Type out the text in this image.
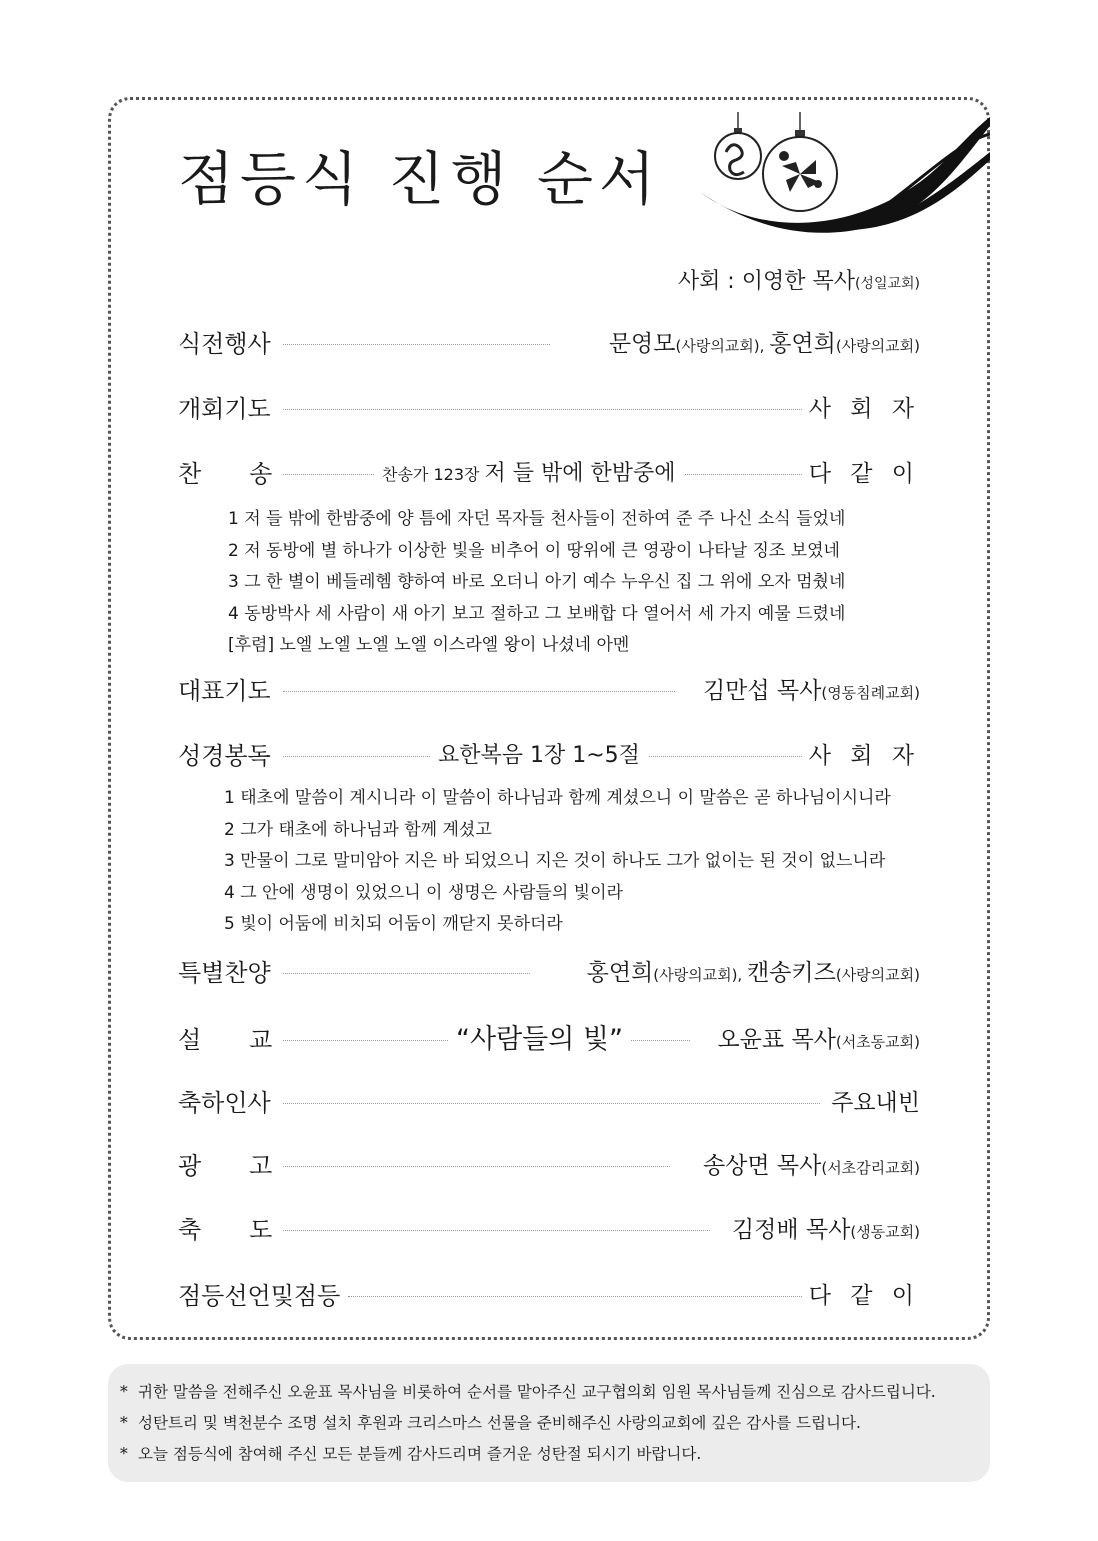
점등식 진행 순서
사회 : 이영한 목사(성일교회)
식전행사	문영모(사랑의교회), 홍연희(사랑의교회)
개회기도	사 회 자
찬　　송	찬송가 123장 저 들 밖에 한밤중에	다 같 이
1 저 들 밖에 한밤중에 양 틈에 자던 목자들 천사들이 전하여 준 주 나신 소식 들었네
2 저 동방에 별 하나가 이상한 빛을 비추어 이 땅위에 큰 영광이 나타날 징조 보였네
3 그 한 별이 베들레헴 향하여 바로 오더니 아기 예수 누우신 집 그 위에 오자 멈췄네
4 동방박사 세 사람이 새 아기 보고 절하고 그 보배합 다 열어서 세 가지 예물 드렸네
[후렴] 노엘 노엘 노엘 노엘 이스라엘 왕이 나셨네 아멘
대표기도	김만섭 목사(영동침례교회)
성경봉독	요한복음 1장 1~5절	사 회 자
1 태초에 말씀이 계시니라 이 말씀이 하나님과 함께 계셨으니 이 말씀은 곧 하나님이시니라
2 그가 태초에 하나님과 함께 계셨고
3 만물이 그로 말미암아 지은 바 되었으니 지은 것이 하나도 그가 없이는 된 것이 없느니라
4 그 안에 생명이 있었으니 이 생명은 사람들의 빛이라
5 빛이 어둠에 비치되 어둠이 깨닫지 못하더라
특별찬양	홍연희(사랑의교회), 캔송키즈(사랑의교회)
설　　교	“사람들의 빛”	오윤표 목사(서초동교회)
축하인사	주요내빈
광　　고	송상면 목사(서초감리교회)
축　　도	김정배 목사(생동교회)
점등선언및점등	다 같 이
* 귀한 말씀을 전해주신 오윤표 목사님을 비롯하여 순서를 맡아주신 교구협의회 임원 목사님들께 진심으로 감사드립니다.
* 성탄트리 및 벽천분수 조명 설치 후원과 크리스마스 선물을 준비해주신 사랑의교회에 깊은 감사를 드립니다.
* 오늘 점등식에 참여해 주신 모든 분들께 감사드리며 즐거운 성탄절 되시기 바랍니다.
